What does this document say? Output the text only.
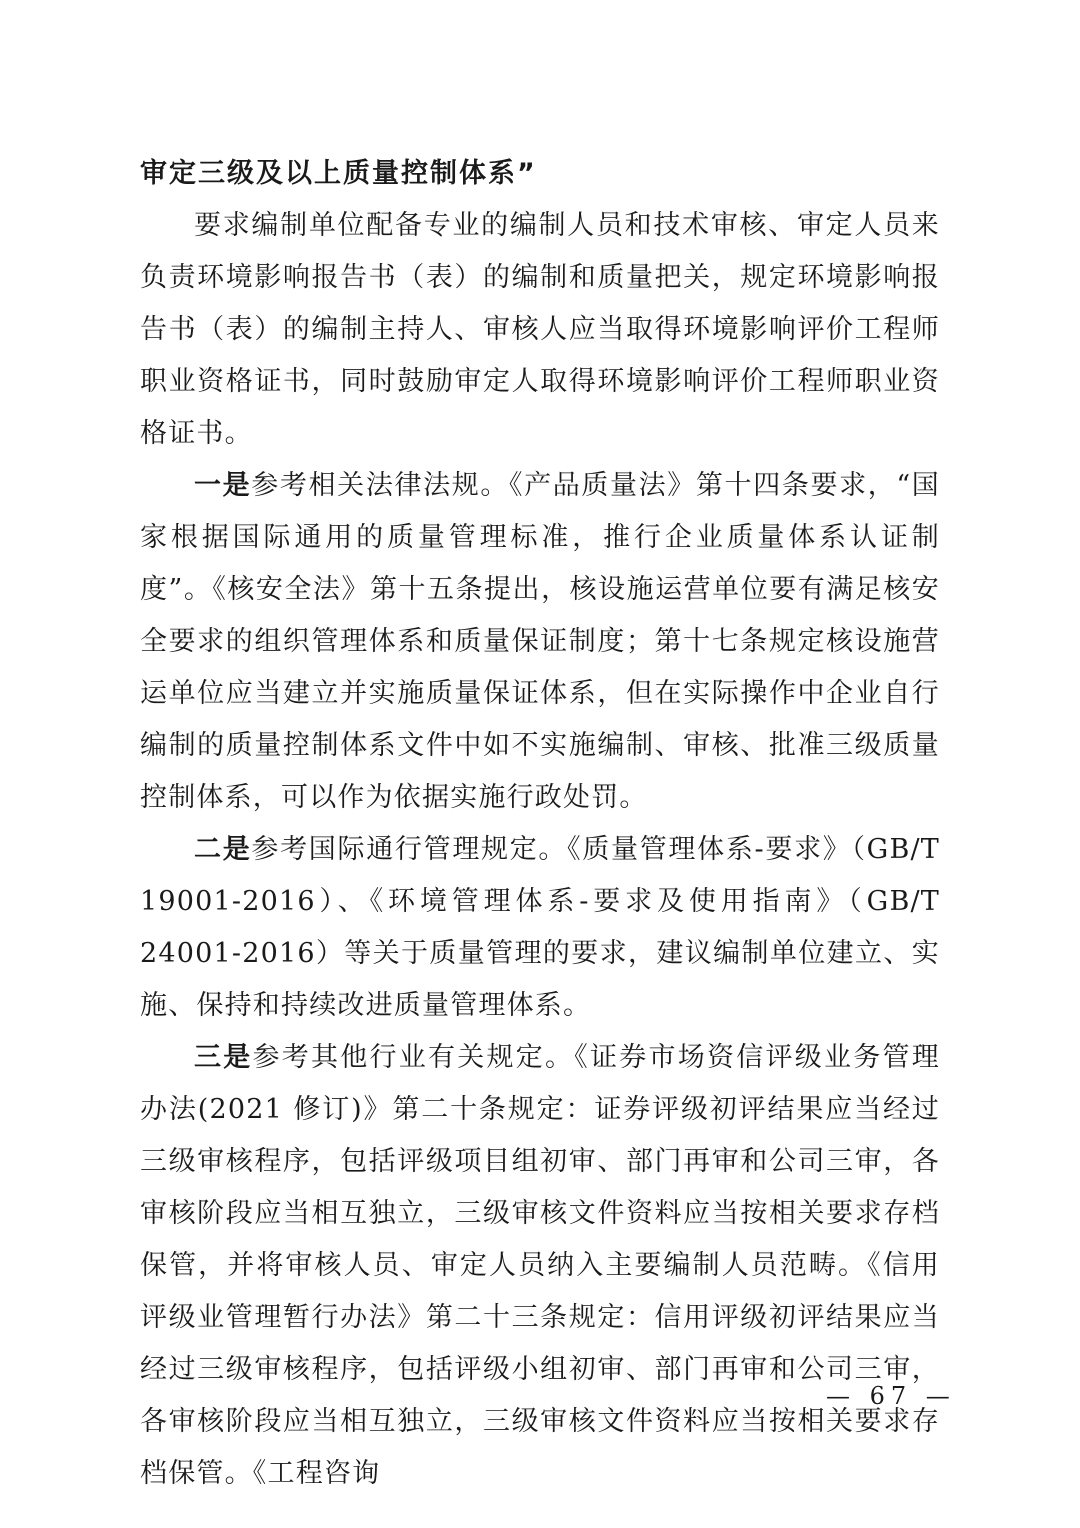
审定三级及以上质量控制体系”

要求编制单位配备专业的编制人员和技术审核、审定人员来负责环境影响报告书（表）的编制和质量把关，规定环境影响报告书（表）的编制主持人、审核人应当取得环境影响评价工程师职业资格证书，同时鼓励审定人取得环境影响评价工程师职业资格证书。

一是参考相关法律法规。《产品质量法》第十四条要求，“国家根据国际通用的质量管理标准，推行企业质量体系认证制度”。《核安全法》第十五条提出，核设施运营单位要有满足核安全要求的组织管理体系和质量保证制度；第十七条规定核设施营运单位应当建立并实施质量保证体系，但在实际操作中企业自行编制的质量控制体系文件中如不实施编制、审核、批准三级质量控制体系，可以作为依据实施行政处罚。

二是参考国际通行管理规定。《质量管理体系-要求》（GB/T 19001-2016）、《环境管理体系-要求及使用指南》（GB/T 24001-2016）等关于质量管理的要求，建议编制单位建立、实施、保持和持续改进质量管理体系。

三是参考其他行业有关规定。《证券市场资信评级业务管理办法(2021 修订)》第二十条规定：证券评级初评结果应当经过三级审核程序，包括评级项目组初审、部门再审和公司三审，各审核阶段应当相互独立，三级审核文件资料应当按相关要求存档保管，并将审核人员、审定人员纳入主要编制人员范畴。《信用评级业管理暂行办法》第二十三条规定：信用评级初评结果应当经过三级审核程序，包括评级小组初审、部门再审和公司三审，各审核阶段应当相互独立，三级审核文件资料应当按相关要求存档保管。《工程咨询

— 67 —
